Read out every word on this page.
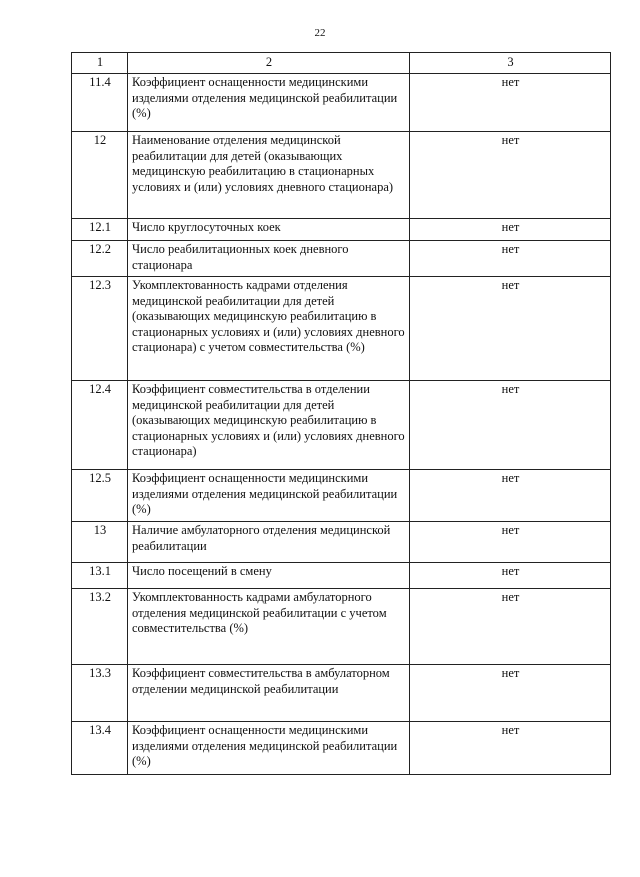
22
1	2	3
11.4	Коэффициент оснащенности медицинскими изделиями отделения медицинской реабилитации (%)	нет
12	Наименование отделения медицинской реабилитации для детей (оказывающих медицинскую реабилитацию в стационарных условиях и (или) условиях дневного стационара)	нет
12.1	Число круглосуточных коек	нет
12.2	Число реабилитационных коек дневного стационара	нет
12.3	Укомплектованность кадрами отделения медицинской реабилитации для детей (оказывающих медицинскую реабилитацию в стационарных условиях и (или) условиях дневного стационара) с учетом совместительства (%)	нет
12.4	Коэффициент совместительства в отделении медицинской реабилитации для детей (оказывающих медицинскую реабилитацию в стационарных условиях и (или) условиях дневного стационара)	нет
12.5	Коэффициент оснащенности медицинскими изделиями отделения медицинской реабилитации (%)	нет
13	Наличие амбулаторного отделения медицинской реабилитации	нет
13.1	Число посещений в смену	нет
13.2	Укомплектованность кадрами амбулаторного отделения медицинской реабилитации с учетом совместительства (%)	нет
13.3	Коэффициент совместительства в амбулаторном отделении медицинской реабилитации	нет
13.4	Коэффициент оснащенности медицинскими изделиями отделения медицинской реабилитации (%)	нет
